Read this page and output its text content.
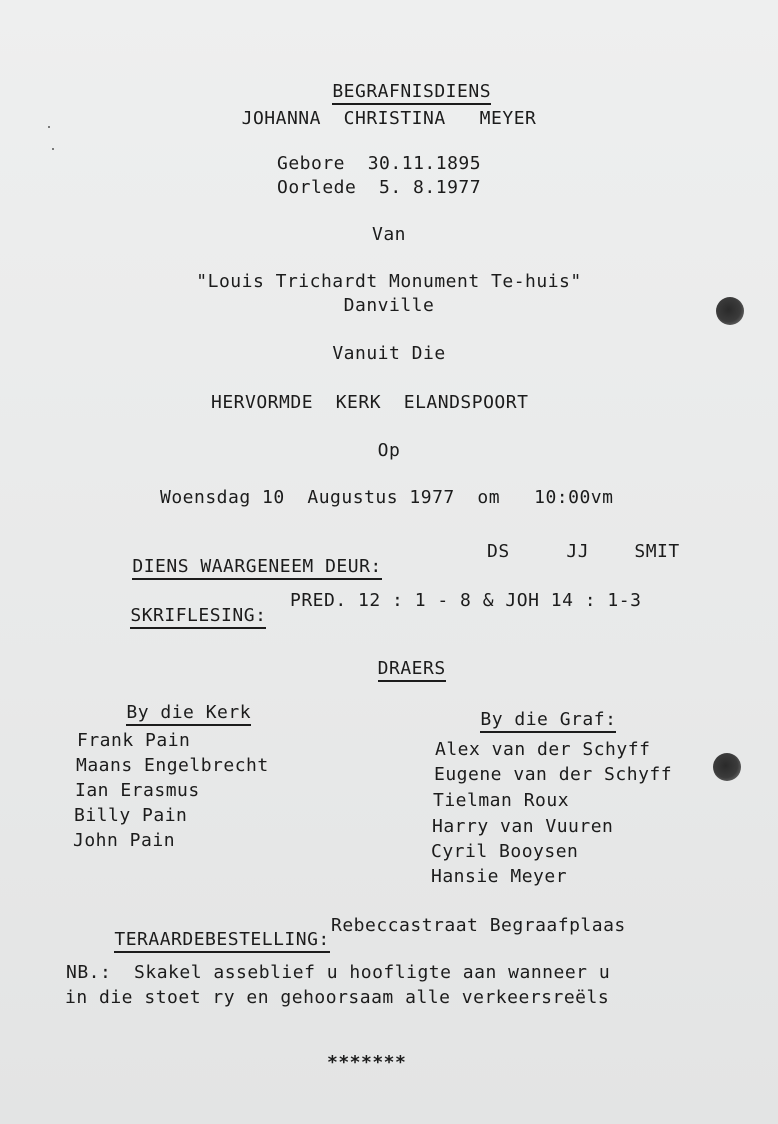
BEGRAFNISDIENS

JOHANNA  CHRISTINA   MEYER
Gebore 30.11.1895
Oorlede 5. 8.1977
Van
"Louis Trichardt Monument Te-huis"
Danville
Vanuit Die
HERVORMDE  KERK  ELANDSPOORT
Op
Woensdag 10  Augustus 1977  om   10:00vm

DIENS WAARGENEEM DEUR:

DS     JJ    SMIT

SKRIFLESING:

PRED. 12 : 1 - 8 & JOH 14 : 1-3

DRAERS

By die Kerk
	By die Graf:

Frank Pain
Maans Engelbrecht
Ian Erasmus
Billy Pain
John Pain
Alex van der Schyff
Eugene van der Schyff
Tielman Roux
Harry van Vuuren
Cyril Booysen
Hansie Meyer

TERAARDEBESTELLING:

Rebeccastraat Begraafplaas
NB.:  Skakel asseblief u hoofligte aan wanneer u
in die stoet ry en gehoorsaam alle verkeersreëls
*******
